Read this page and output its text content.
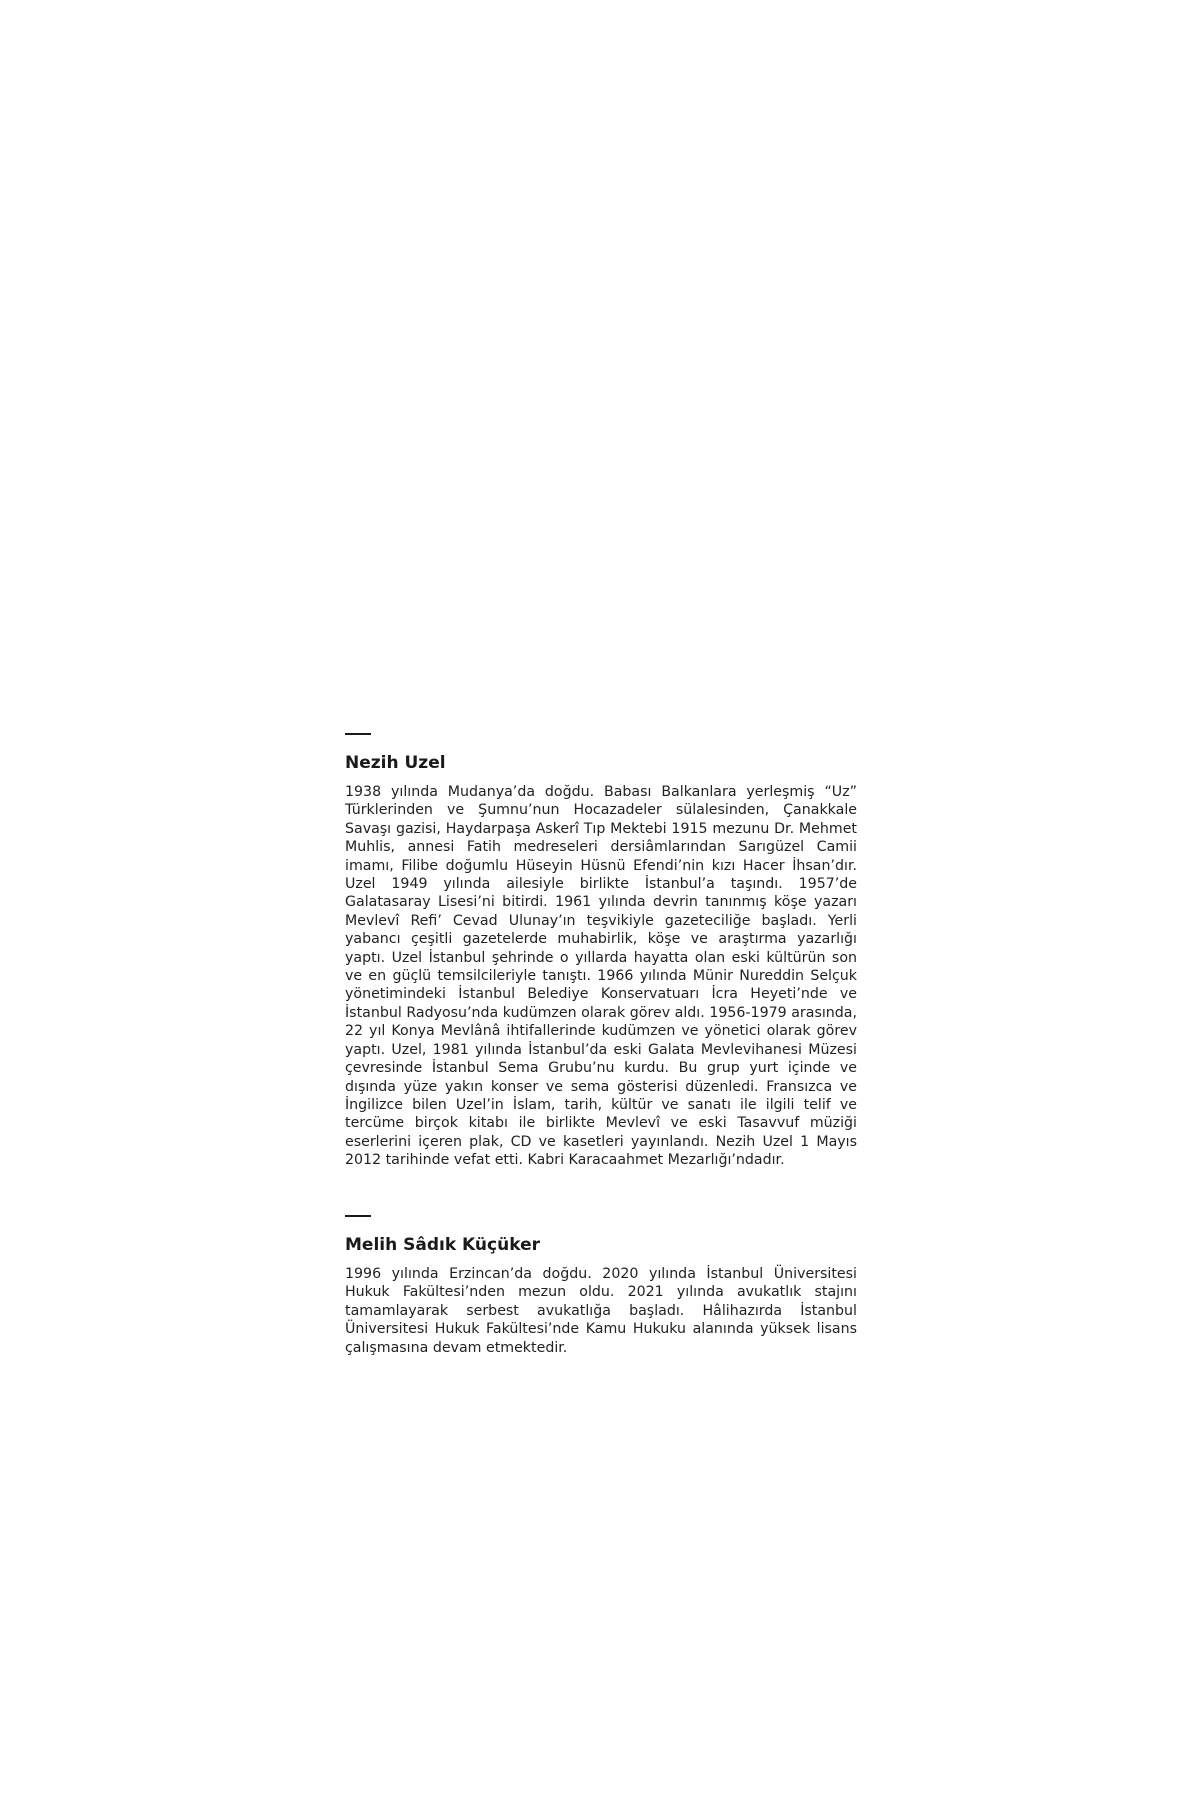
Nezih Uzel

1938 yılında Mudanya’da doğdu. Babası Balkanlara yerleşmiş “Uz” Türklerinden ve Şumnu’nun Hocazadeler sülalesinden, Çanakkale Savaşı gazisi, Haydarpaşa Askerî Tıp Mektebi 1915 mezunu Dr. Mehmet Muhlis, annesi Fatih medreseleri dersiâmlarından Sarıgüzel Camii imamı, Filibe doğumlu Hüseyin Hüsnü Efendi’nin kızı Hacer İhsan’dır. Uzel 1949 yılında ailesiyle birlikte İstanbul’a taşındı. 1957’de Galatasaray Lisesi’ni bitirdi. 1961 yılında devrin tanınmış köşe yazarı Mevlevî Refi’ Cevad Ulunay’ın teşvikiyle gazeteciliğe başladı. Yerli yabancı çeşitli gazetelerde muhabirlik, köşe ve araştırma yazarlığı yaptı. Uzel İstanbul şehrinde o yıllarda hayatta olan eski kültürün son ve en güçlü temsilcileriyle tanıştı. 1966 yılında Münir Nureddin Selçuk yönetimindeki İstanbul Belediye Konservatuarı İcra Heyeti’nde ve İstanbul Radyosu’nda kudümzen olarak görev aldı. 1956-1979 arasında, 22 yıl Konya Mevlânâ ihtifallerinde kudümzen ve yönetici olarak görev yaptı. Uzel, 1981 yılında İstanbul’da eski Galata Mevlevihanesi Müzesi çevresinde İstanbul Sema Grubu’nu kurdu. Bu grup yurt içinde ve dışında yüze yakın konser ve sema gösterisi düzenledi. Fransızca ve İngilizce bilen Uzel’in İslam, tarih, kültür ve sanatı ile ilgili telif ve tercüme birçok kitabı ile birlikte Mevlevî ve eski Tasavvuf müziği eserlerini içeren plak, CD ve kasetleri yayınlandı. Nezih Uzel 1 Mayıs 2012 tarihinde vefat etti. Kabri Karacaahmet Mezarlığı’ndadır.

Melih Sâdık Küçüker

1996 yılında Erzincan’da doğdu. 2020 yılında İstanbul Üniversitesi Hukuk Fakültesi’nden mezun oldu. 2021 yılında avukatlık stajını tamamlayarak serbest avukatlığa başladı. Hâlihazırda İstanbul Üniversitesi Hukuk Fakültesi’nde Kamu Hukuku alanında yüksek lisans çalışmasına devam etmektedir.
